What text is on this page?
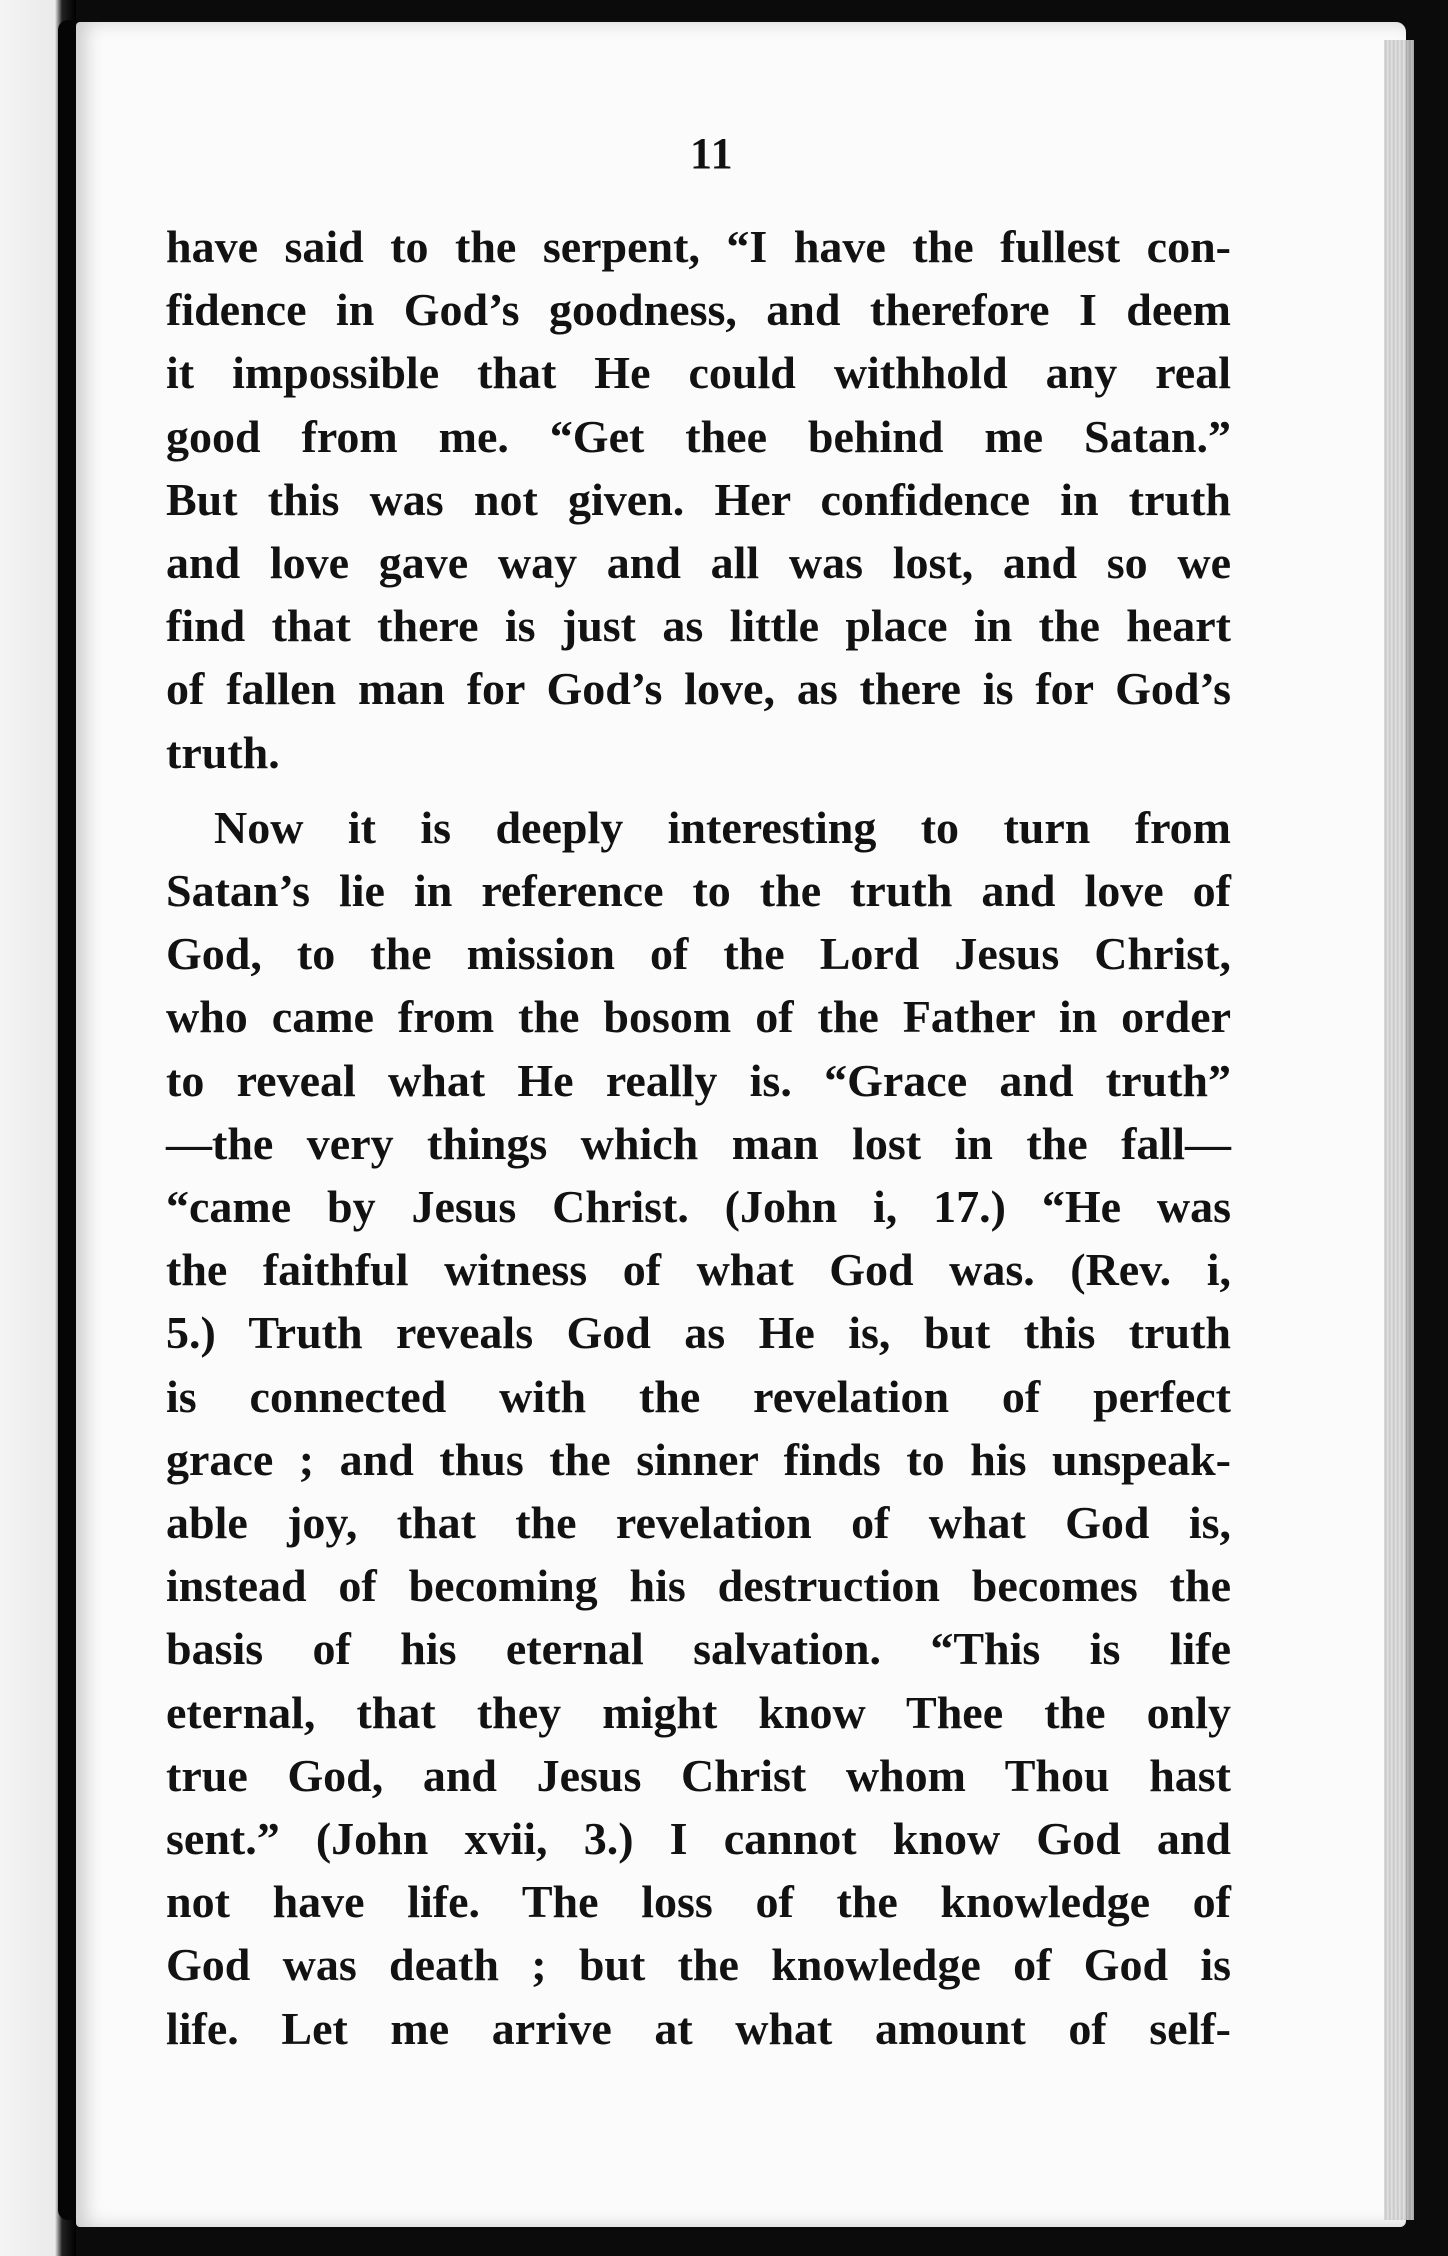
11
have said to the serpent, “I have the fullest con-
fidence in God’s goodness, and therefore I deem
it impossible that He could withhold any real
good from me. “Get thee behind me Satan.”
But this was not given. Her confidence in truth
and love gave way and all was lost, and so we
find that there is just as little place in the heart
of fallen man for God’s love, as there is for God’s
truth.
Now it is deeply interesting to turn from
Satan’s lie in reference to the truth and love of
God, to the mission of the Lord Jesus Christ,
who came from the bosom of the Father in order
to reveal what He really is. “Grace and truth”
—the very things which man lost in the fall—
“came by Jesus Christ. (John i, 17.) “He was
the faithful witness of what God was. (Rev. i,
5.) Truth reveals God as He is, but this truth
is connected with the revelation of perfect
grace ; and thus the sinner finds to his unspeak-
able joy, that the revelation of what God is,
instead of becoming his destruction becomes the
basis of his eternal salvation. “This is life
eternal, that they might know Thee the only
true God, and Jesus Christ whom Thou hast
sent.” (John xvii, 3.) I cannot know God and
not have life. The loss of the knowledge of
God was death ; but the knowledge of God is
life. Let me arrive at what amount of self-
